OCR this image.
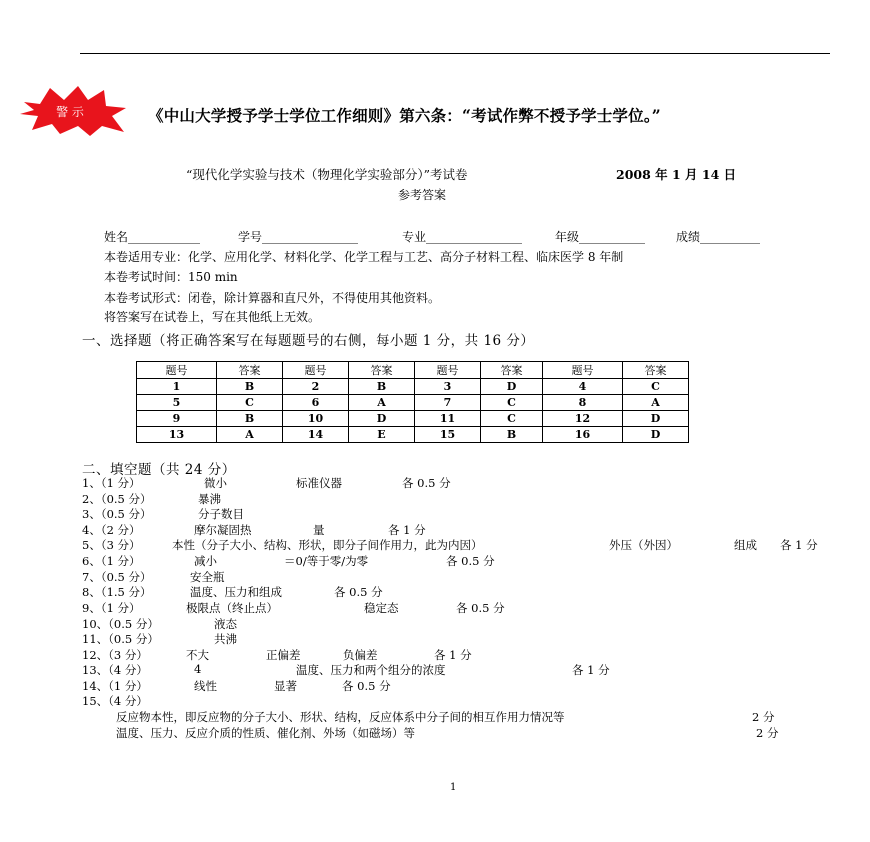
警 示	《中山大学授予学士学位工作细则》第六条：“考试作弊不授予学士学位。”
“现代化学实验与技术（物理化学实验部分）”考试卷	2008 年 1 月 14 日
参考答案
姓名____________	学号________________	专业________________	年级___________	成绩__________
本卷适用专业：化学、应用化学、材料化学、化学工程与工艺、高分子材料工程、临床医学 8 年制
本卷考试时间：150 min
本卷考试形式：闭卷，除计算器和直尺外，不得使用其他资料。
将答案写在试卷上，写在其他纸上无效。
一、选择题（将正确答案写在每题题号的右侧，每小题 1 分，共 16 分）
题号	答案	题号	答案	题号	答案	题号	答案
1	B	2	B	3	D	4	C
5	C	6	A	7	C	8	A
9	B	10	D	11	C	12	D
13	A	14	E	15	B	16	D
二、填空题（共 24 分）
1、（1 分）	微小	标准仪器	各 0.5 分
2、（0.5 分）	暴沸
3、（0.5 分）	分子数目
4、（2 分）	摩尔凝固热	量	各 1 分
5、（3 分）	本性（分子大小、结构、形状，即分子间作用力，此为内因）	外压（外因）	组成 各 1 分
6、（1 分）	减小	＝0/等于零/为零	各 0.5 分
7、（0.5 分）	安全瓶
8、（1.5 分）	温度、压力和组成	各 0.5 分
9、（1 分）	极限点（终止点）	稳定态	各 0.5 分
10、（0.5 分）	液态
11、（0.5 分）	共沸
12、（3 分）	不大	正偏差	负偏差	各 1 分
13、（4 分）	4	温度、压力和两个组分的浓度	各 1 分
14、（1 分）	线性	显著	各 0.5 分
15、（4 分）
反应物本性，即反应物的分子大小、形状、结构，反应体系中分子间的相互作用力情况等	2 分
温度、压力、反应介质的性质、催化剂、外场（如磁场）等	2 分
1
